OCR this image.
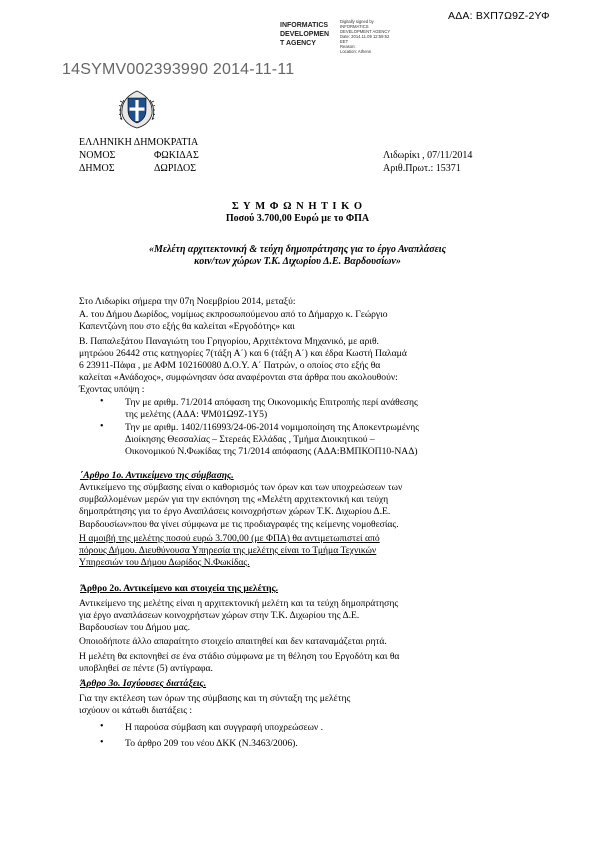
ΑΔΑ: ΒΧΠ7Ω9Ζ-2ΥΦ
INFORMATICS
DEVELOPMEN
T AGENCY
Digitally signed by
INFORMATICS
DEVELOPMENT AGENCY
Date: 2014.11.09 12:59:52
EET
Reason:
Location: Athens
14SYMV002393990 2014-11-11
ΕΛΛΗΝΙΚΗ ΔΗΜΟΚΡΑΤΙΑ
ΝΟΜΟΣ	ΦΩΚΙΔΑΣ	Λιδωρίκι , 07/11/2014
ΔΗΜΟΣ	ΔΩΡΙΔΟΣ	Αριθ.Πρωτ.: 15371
Σ Υ Μ Φ Ω Ν Η Τ Ι Κ Ο
Ποσού 3.700,00 Ευρώ με το ΦΠΑ
«Μελέτη αρχιτεκτονική & τεύχη δημοπράτησης για το έργο Αναπλάσεις
κοιν/των χώρων Τ.Κ. Διχωρίου Δ.Ε. Βαρδουσίων»
Στο Λιδωρίκι σήμερα την 07η Νοεμβρίου 2014, μεταξύ:
Α. του Δήμου Δωρίδος, νομίμως εκπροσωπούμενου από το Δήμαρχο κ. Γεώργιο
Καπεντζώνη που στο εξής θα καλείται «Εργοδότης» και
Β. Παπαλεξάτου Παναγιώτη του Γρηγορίου, Αρχιτέκτονα Μηχανικό, με αριθ.
μητρώου 26442 στις κατηγορίες 7(τάξη Α΄) και 6 (τάξη Α΄) και έδρα Κωστή Παλαμά
6 23911-Πάφα , με ΑΦΜ 102160080 Δ.Ο.Υ. Α΄ Πατρών, ο οποίος στο εξής θα
καλείται «Ανάδοχος», συμφώνησαν όσα αναφέρονται στα άρθρα που ακολουθούν:
Έχοντας υπόψη :
• Την με αριθμ. 71/2014 απόφαση της Οικονομικής Επιτροπής περί ανάθεσης
της μελέτης (ΑΔΑ: ΨΜ01Ω9Ζ-1Υ5)
• Την με αριθμ. 1402/116993/24-06-2014 νομιμοποίηση της Αποκεντρωμένης
Διοίκησης Θεσσαλίας – Στερεάς Ελλάδας , Τμήμα Διοικητικού –
Οικονομικού Ν.Φωκίδας της 71/2014 απόφασης (ΑΔΑ:ΒΜΠΚΟΠ10-ΝΑΔ)
΄Αρθρο 1ο. Αντικείμενο της σύμβασης.
Αντικείμενο της σύμβασης είναι ο καθορισμός των όρων και των υποχρεώσεων των
συμβαλλομένων μερών για την εκπόνηση της «Μελέτη αρχιτεκτονική και τεύχη
δημοπράτησης για το έργο Αναπλάσεις κοινοχρήστων χώρων Τ.Κ. Διχωρίου Δ.Ε.
Βαρδουσίων»που θα γίνει σύμφωνα με τις προδιαγραφές της κείμενης νομοθεσίας.
Η αμοιβή της μελέτης ποσού ευρώ 3.700,00 (με ΦΠΑ) θα αντιμετωπιστεί από
πόρους Δήμου. Διευθύνουσα Υπηρεσία της μελέτης είναι το Τμήμα Τεχνικών
Υπηρεσιών του Δήμου Δωρίδος Ν.Φωκίδας.
Άρθρο 2ο. Αντικείμενο και στοιχεία της μελέτης.
Αντικείμενο της μελέτης είναι η αρχιτεκτονική μελέτη και τα τεύχη δημοπράτησης
για έργο αναπλάσεων κοινοχρήστων χώρων στην Τ.Κ. Διχωρίου της Δ.Ε.
Βαρδουσίων του Δήμου μας.
Οποιοδήποτε άλλο απαραίτητο στοιχείο απαιτηθεί και δεν καταναμάζεται ρητά.
Η μελέτη θα εκπονηθεί σε ένα στάδιο σύμφωνα με τη θέληση του Εργοδότη και θα
υποβληθεί σε πέντε (5) αντίγραφα.
Άρθρο 3ο. Ισχύουσες διατάξεις.
Για την εκτέλεση των όρων της σύμβασης και τη σύνταξη της μελέτης
ισχύουν οι κάτωθι διατάξεις :
• Η παρούσα σύμβαση και συγγραφή υποχρεώσεων .
• Το άρθρο 209 του νέου ΔΚΚ (Ν.3463/2006).
